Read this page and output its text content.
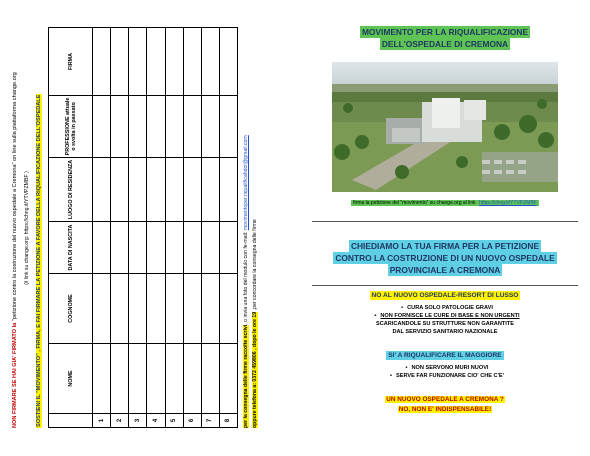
NON FIRMARE SE HAI GIA' FIRMATO la "petizione contro la costruzione del nuovo ospedale a Cremona" on line sulla piattaforma change.org	(il link su change.org: https://chng.it/YTVPZMBF )	SOSTIENI IL "MOVIMENTO" , FIRMA, E FAI FIRMARE LA PETIZIONE A FAVORE DELLA RIQUALIFICAZIONE DELL'OSPEDALE
		NOME	COGNOME	DATA DI NASCITA	LUOGO DI RESIDENZA	PROFESSIONE attuale o svolta in passato	FIRMA
1						
2						
3						
4						
5						
6						
7						
8						per la consegna delle firme raccolte scrivi, o invia una foto del modulo con fe-mail: movimentoper.riqualificahdcr@gmail.com
oppure telefona a: 0372 459806 , dopo le ore 19 ,per concordare la consegna delle firme
MOVIMENTO PER LA RIQUALIFICAZIONE
DELL'OSPEDALE DI CREMONA
firma la petizione del "movimento" su change.org al link https://chng.it/YTVPZMBF
CHIEDIAMO LA TUA FIRMA PER LA PETIZIONE
CONTRO LA COSTRUZIONE DI UN NUOVO OSPEDALE
PROVINCIALE A CREMONA
NO AL NUOVO OSPEDALE-RESORT DI LUSSO
• CURA SOLO PATOLOGIE GRAVI
• NON FORNISCE LE CURE DI BASE E NON URGENTI
SCARICANDOLE SU STRUTTURE NON GARANTITE
DAL SERVIZIO SANITARIO NAZIONALE
SI' A RIQUALIFICARE IL MAGGIORE
• NON SERVONO MURI NUOVI
• SERVE FAR FUNZIONARE CIO' CHE C'E'
UN NUOVO OSPEDALE A CREMONA ?
NO, NON E' INDISPENSABILE!
